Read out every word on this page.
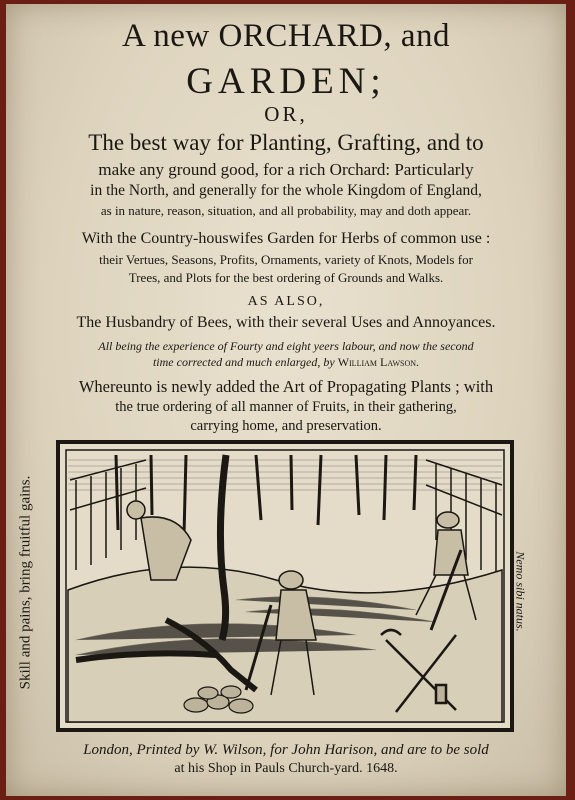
A new ORCHARD, and
GARDEN;
OR,
The best way for Planting, Grafting, and to
make any ground good, for a rich Orchard: Particularly
in the North, and generally for the whole Kingdom of England,
as in nature, reason, situation, and all probability, may and doth appear.
With the Country-houswifes Garden for Herbs of common use :
their Vertues, Seasons, Profits, Ornaments, variety of Knots, Models for
Trees, and Plots for the best ordering of Grounds and Walks.
AS ALSO,
The Husbandry of Bees, with their several Uses and Annoyances.
All being the experience of Fourty and eight yeers labour, and now the second
time corrected and much enlarged, by William Lawson.
Whereunto is newly added the Art of Propagating Plants ; with
the true ordering of all manner of Fruits, in their gathering,
carrying home, and preservation.
Skill and pains, bring fruitful gains.	Nemo sibi natus.
London, Printed by W. Wilson, for John Harison, and are to be sold
at his Shop in Pauls Church-yard. 1648.
